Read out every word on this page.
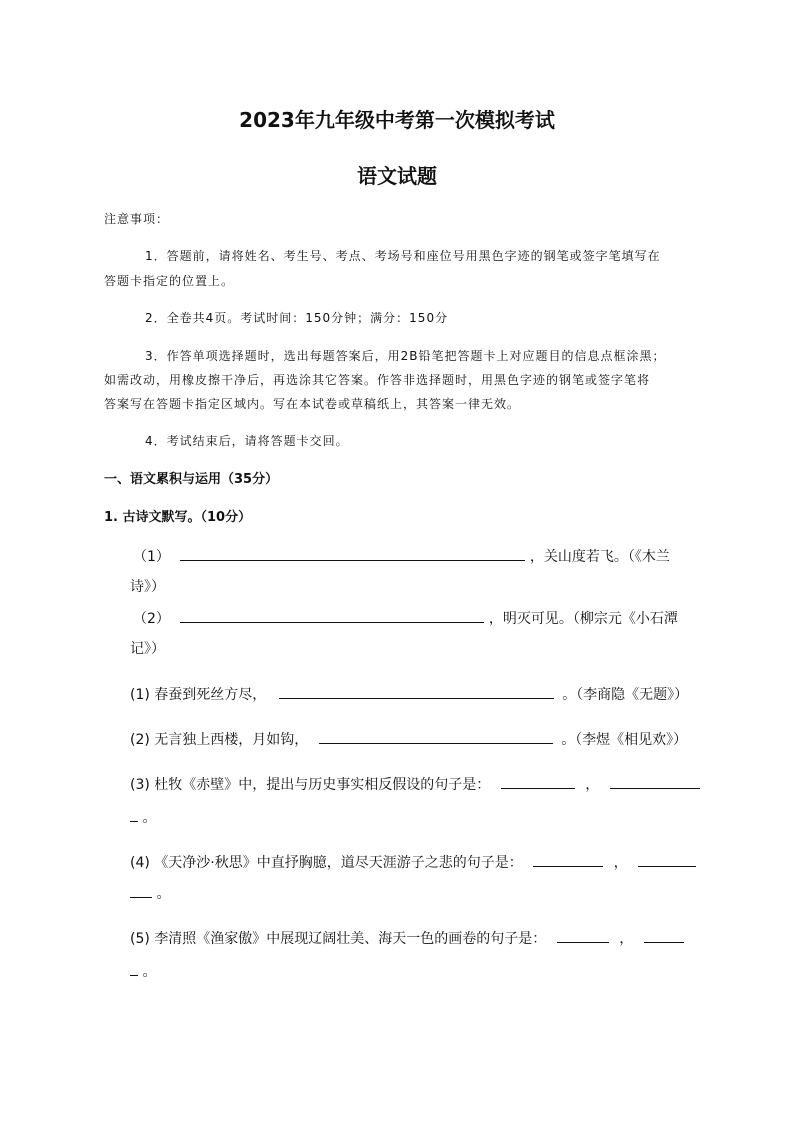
2023年九年级中考第一次模拟考试
语文试题
注意事项：
1．答题前，请将姓名、考生号、考点、考场号和座位号用黑色字迹的钢笔或签字笔填写在
答题卡指定的位置上。
2．全卷共4页。考试时间：150分钟；满分：150分
3．作答单项选择题时，选出每题答案后，用2B铅笔把答题卡上对应题目的信息点框涂黑；
如需改动，用橡皮擦干净后，再选涂其它答案。作答非选择题时，用黑色字迹的钢笔或签字笔将
答案写在答题卡指定区域内。写在本试卷或草稿纸上，其答案一律无效。
4．考试结束后，请将答题卡交回。
一、语文累积与运用（35分）
1. 古诗文默写。（10分）
（1）	，关山度若飞。（《木兰
诗》）
（2）	，明灭可见。（柳宗元《小石潭
记》）
(1) 春蚕到死丝方尽，	。（李商隐《无题》）
(2) 无言独上西楼，月如钩，	。（李煜《相见欢》）
(3) 杜牧《赤壁》中，提出与历史事实相反假设的句子是：	，
。
(4) 《天净沙·秋思》中直抒胸臆，道尽天涯游子之悲的句子是：	，
。
(5) 李清照《渔家傲》中展现辽阔壮美、海天一色的画卷的句子是：	，
。
